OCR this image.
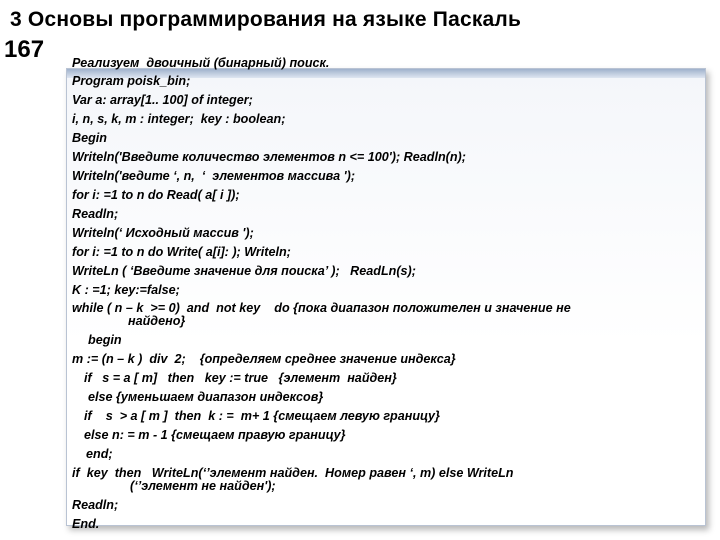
3 Основы программирования на языке Паскаль
167 Реализуем  двоичный (бинарный) поиск.
Program poisk_bin;
Var a: array[1.. 100] of integer;
i, n, s, k, m : integer;  key : boolean;
Begin
Writeln('Введите количество элементов n <= 100'); Readln(n);
Writeln('ведите ‘, n,  ‘  элементов массива ');
for i: =1 to n do Read( a[ i ]);
Readln;
Writeln(‘ Исходный массив ');
for i: =1 to n do Write( a[i]: ); Writeln;
WriteLn ( ‘Введите значение для поиска’ );   ReadLn(s);
K : =1; key:=false;
while ( n – k  >= 0)  and  not key    do {пока диапазон положителен и значение не
найдено}
begin
m := (n – k )  div  2;    {определяем среднее значение индекса}
if   s = a [ m]   then   key := true   {элемент  найден}
else {уменьшаем диапазон индексов}
if    s  > a [ m ]  then  k : =  m+ 1 {смещаем левую границу}
else n: = m - 1 {смещаем правую границу}
end;
if  key  then   WriteLn(‘’элемент найден.  Номер равен ‘, m) else WriteLn
(‘’элемент не найден');
Readln;
End.
